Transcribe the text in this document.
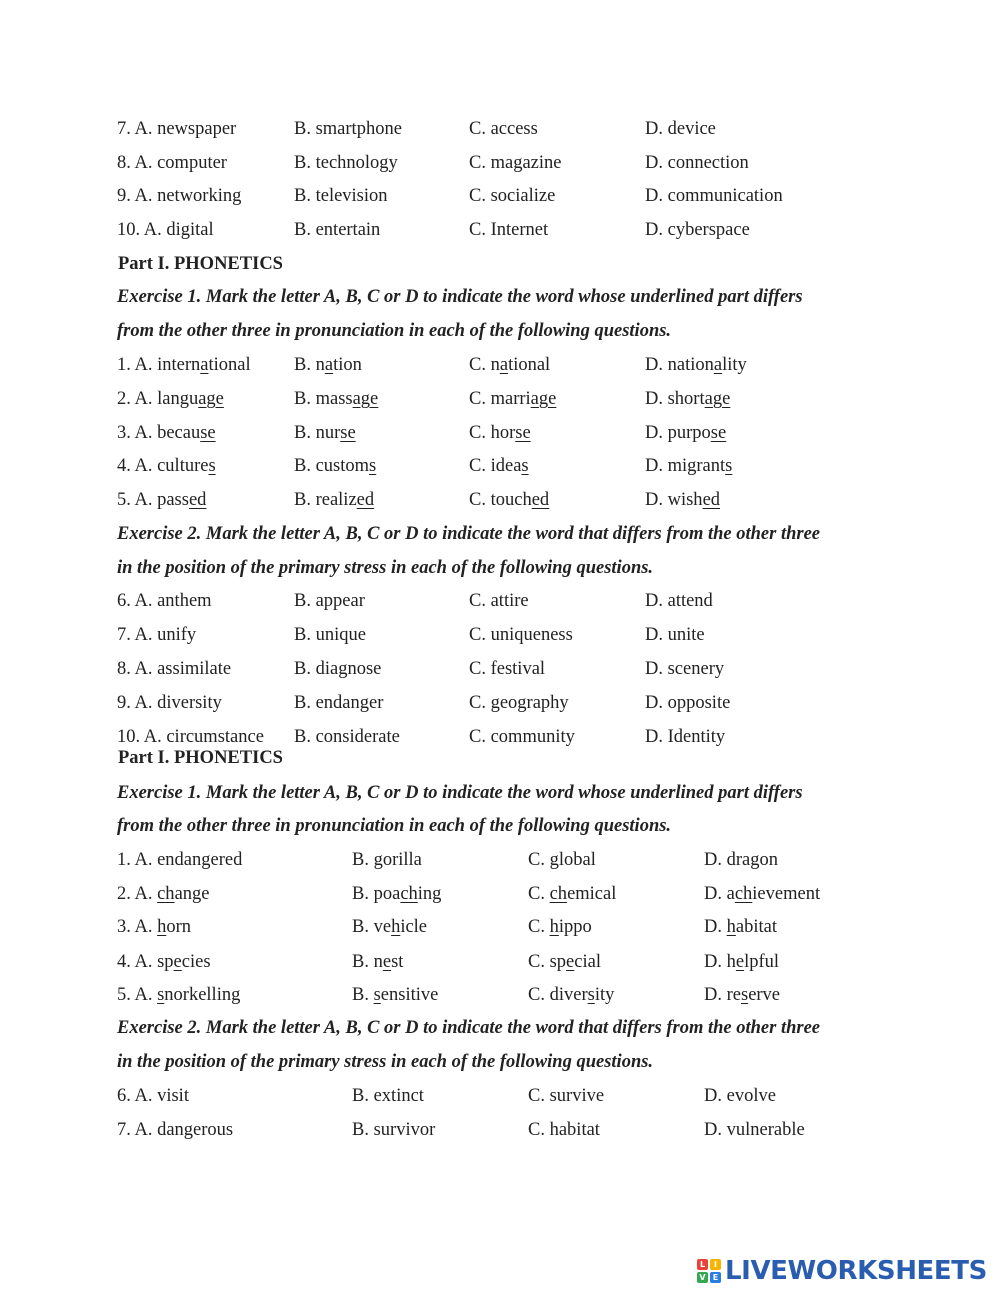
7. A. newspaper	B. smartphone	C. access	D. device
8. A. computer	B. technology	C. magazine	D. connection
9. A. networking	B. television	C. socialize	D. communication
10. A. digital	B. entertain	C. Internet	D. cyberspace
Part I. PHONETICS
Exercise 1. Mark the letter A, B, C or D to indicate the word whose underlined part differs
from the other three in pronunciation in each of the following questions.
1. A. international B. nation	C. national	D. nationality
2. A. language	B. massage	C. marriage	D. shortage
3. A. because	B. nurse	C. horse	D. purpose
4. A. cultures	B. customs	C. ideas	D. migrants
5. A. passed	B. realized	C. touched	D. wished
Exercise 2. Mark the letter A, B, C or D to indicate the word that differs from the other three
in the position of the primary stress in each of the following questions.
6. A. anthem	B. appear	C. attire	D. attend
7. A. unify	B. unique	C. uniqueness	D. unite
8. A. assimilate	B. diagnose	C. festival	D. scenery
9. A. diversity	B. endanger	C. geography	D. opposite
10. A. circumstance B. considerate	C. community	D. Identity
Part I. PHONETICS
Exercise 1. Mark the letter A, B, C or D to indicate the word whose underlined part differs
from the other three in pronunciation in each of the following questions.
1. A. endangered	B. gorilla	C. global	D. dragon
2. A. change	B. poaching	C. chemical	D. achievement
3. A. horn	B. vehicle	C. hippo	D. habitat
4. A. species	B. nest	C. special	D. helpful
5. A. snorkelling	B. sensitive	C. diversity	D. reserve
Exercise 2. Mark the letter A, B, C or D to indicate the word that differs from the other three
in the position of the primary stress in each of the following questions.
6. A. visit	B. extinct	C. survive	D. evolve
7. A. dangerous	B. survivor	C. habitat	D. vulnerable
L	I
V E LIVEWORKSHEETS
